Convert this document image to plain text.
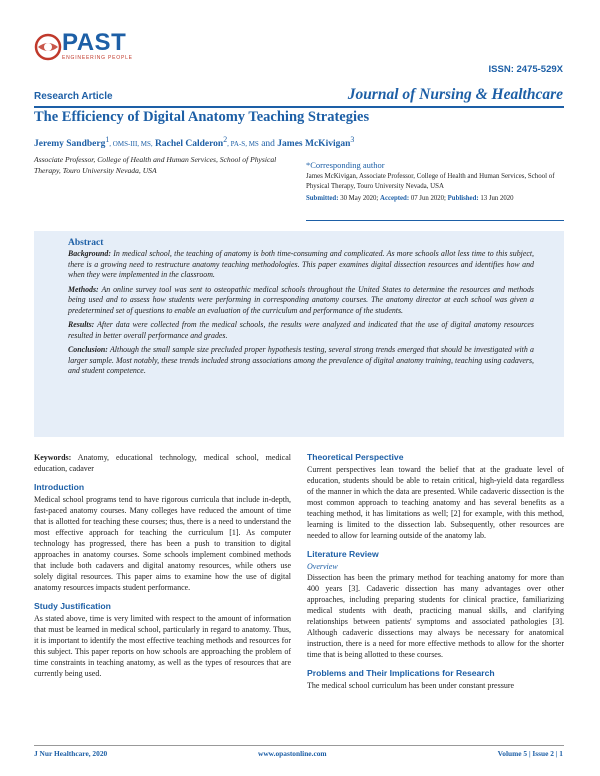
PAST
ENGINEERING PEOPLE
ISSN: 2475-529X
Research Article	Journal of Nursing & Healthcare
The Efficiency of Digital Anatomy Teaching Strategies
Jeremy Sandberg$^1$, OMS-III, MS, Rachel Calderon$^2$, PA-S, MS and James McKivigan$^3$
Associate Professor, College of Health and Human Services, School of Physical Therapy, Touro University Nevada, USA	*Corresponding author
James McKivigan, Associate Professor, College of Health and Human Services, School of Physical Therapy, Touro University Nevada, USA
Submitted: 30 May 2020; Accepted: 07 Jun 2020; Published: 13 Jun 2020
Abstract

Background: In medical school, the teaching of anatomy is both time-consuming and complicated. As more schools allot less time to this subject, there is a growing need to restructure anatomy teaching methodologies. This paper examines digital dissection resources and identifies how and when they were implemented in the classroom.

Methods: An online survey tool was sent to osteopathic medical schools throughout the United States to determine the resources and methods being used and to assess how students were performing in corresponding anatomy courses. The anatomy director at each school was given a predetermined set of questions to enable an evaluation of the curriculum and performance of the students.

Results: After data were collected from the medical schools, the results were analyzed and indicated that the use of digital anatomy resources resulted in better overall performance and grades.

Conclusion: Although the small sample size precluded proper hypothesis testing, several strong trends emerged that should be investigated with a larger sample. Most notably, these trends included strong associations among the prevalence of digital anatomy training, teaching using cadavers, and student competence.

Keywords: Anatomy, educational technology, medical school, medical education, cadaver

Introduction

Medical school programs tend to have rigorous curricula that include in-depth, fast-paced anatomy courses. Many colleges have reduced the amount of time that is allotted for teaching these courses; thus, there is a need to understand the most effective approach for teaching the curriculum [1]. As computer technology has progressed, there has been a push to transition to digital approaches in anatomy courses. Some schools implement combined methods that include both cadavers and digital anatomy resources, while others use solely digital resources. This paper aims to examine how the use of digital anatomy resources impacts student performance.

Study Justification

As stated above, time is very limited with respect to the amount of information that must be learned in medical school, particularly in regard to anatomy. Thus, it is important to identify the most effective teaching methods and resources for this subject. This paper reports on how schools are approaching the problem of time constraints in teaching anatomy, as well as the types of resources that are currently being used.

Theoretical Perspective

Current perspectives lean toward the belief that at the graduate level of education, students should be able to retain critical, high-yield data regardless of the manner in which the data are presented. While cadaveric dissection is the most common approach to teaching anatomy and has several benefits as a teaching method, it has limitations as well; [2] for example, with this method, learning is limited to the dissection lab. Subsequently, other resources are needed to allow for learning outside of the anatomy lab.

Literature Review
Overview

Dissection has been the primary method for teaching anatomy for more than 400 years [3]. Cadaveric dissection has many advantages over other approaches, including preparing students for clinical practice, familiarizing medical students with death, practicing manual skills, and clarifying relationships between patients' symptoms and associated pathologies [3]. Although cadaveric dissections may always be necessary for anatomical instruction, there is a need for more effective methods to allow for the shorter time that is being allotted to these courses.

Problems and Their Implications for Research

The medical school curriculum has been under constant pressure

J Nur Healthcare, 2020	www.opastonline.com	Volume 5 | Issue 2 | 1
